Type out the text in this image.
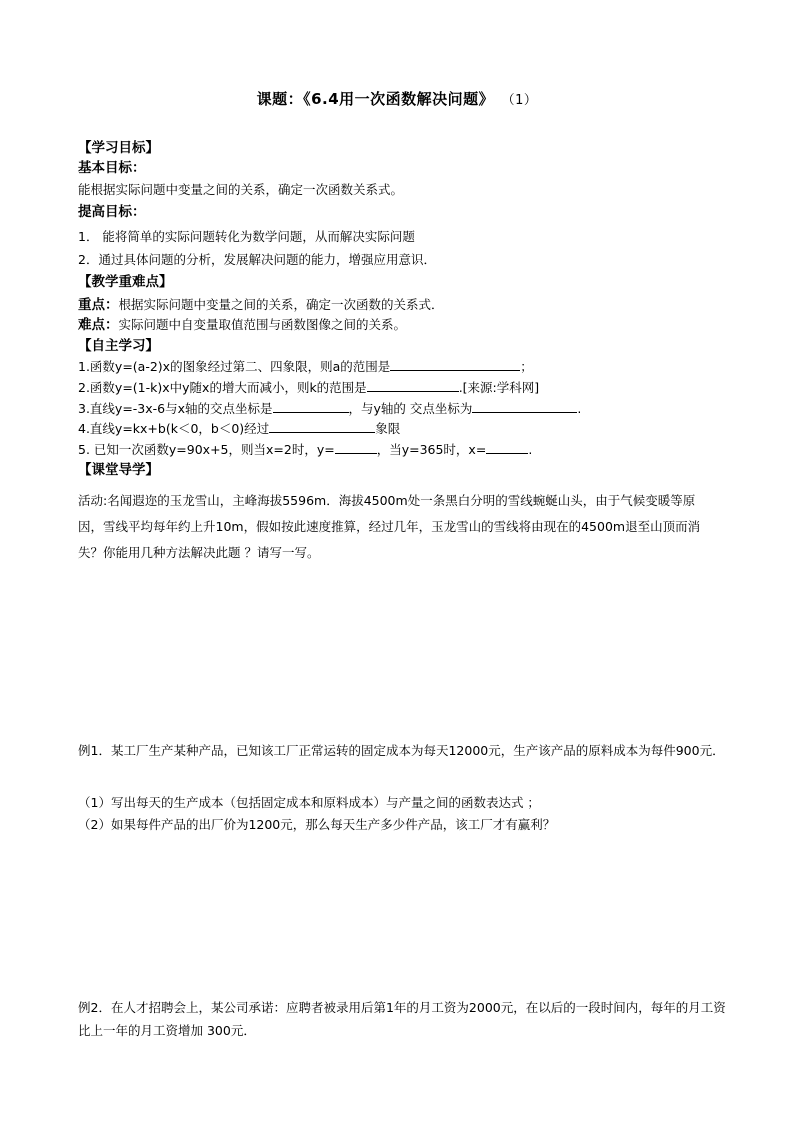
课题：《6.4用一次函数解决问题》 （1）
【学习目标】
基本目标：
能根据实际问题中变量之间的关系，确定一次函数关系式。
提高目标：
1． 能将简单的实际问题转化为数学问题，从而解决实际问题
2．通过具体问题的分析，发展解决问题的能力，增强应用意识．
【教学重难点】
重点：根据实际问题中变量之间的关系，确定一次函数的关系式．
难点：实际问题中自变量取值范围与函数图像之间的关系。
【自主学习】
1.函数y=(a-2)x的图象经过第二、四象限，则a的范围是	；
2.函数y=(1-k)x中y随x的增大而减小，则k的范围是	.[来源:学科网]
3.直线y=-3x-6与x轴的交点坐标是	，与y轴的 交点坐标为	.
4.直线y=kx+b(k＜0，b＜0)经过	象限
5. 已知一次函数y=90x+5，则当x=2时，y=	，当y=365时，x=	.
【课堂导学】
活动:名闻遐迩的玉龙雪山，主峰海拔5596m．海拔4500m处一条黑白分明的雪线蜿蜒山头，由于气候变暖等原因，雪线平均每年约上升10m，假如按此速度推算，经过几年，玉龙雪山的雪线将由现在的4500m退至山顶而消失？你能用几种方法解决此题 ？请写一写。
例1．某工厂生产某种产品，已知该工厂正常运转的固定成本为每天12000元，生产该产品的原料成本为每件900元．
（1）写出每天的生产成本（包括固定成本和原料成本）与产量之间的函数表达式 ；
（2）如果每件产品的出厂价为1200元，那么每天生产多少件产品，该工厂才有赢利？
例2．在人才招聘会上，某公司承诺：应聘者被录用后第1年的月工资为2000元，在以后的一段时间内，每年的月工资比上一年的月工资增加 300元．
